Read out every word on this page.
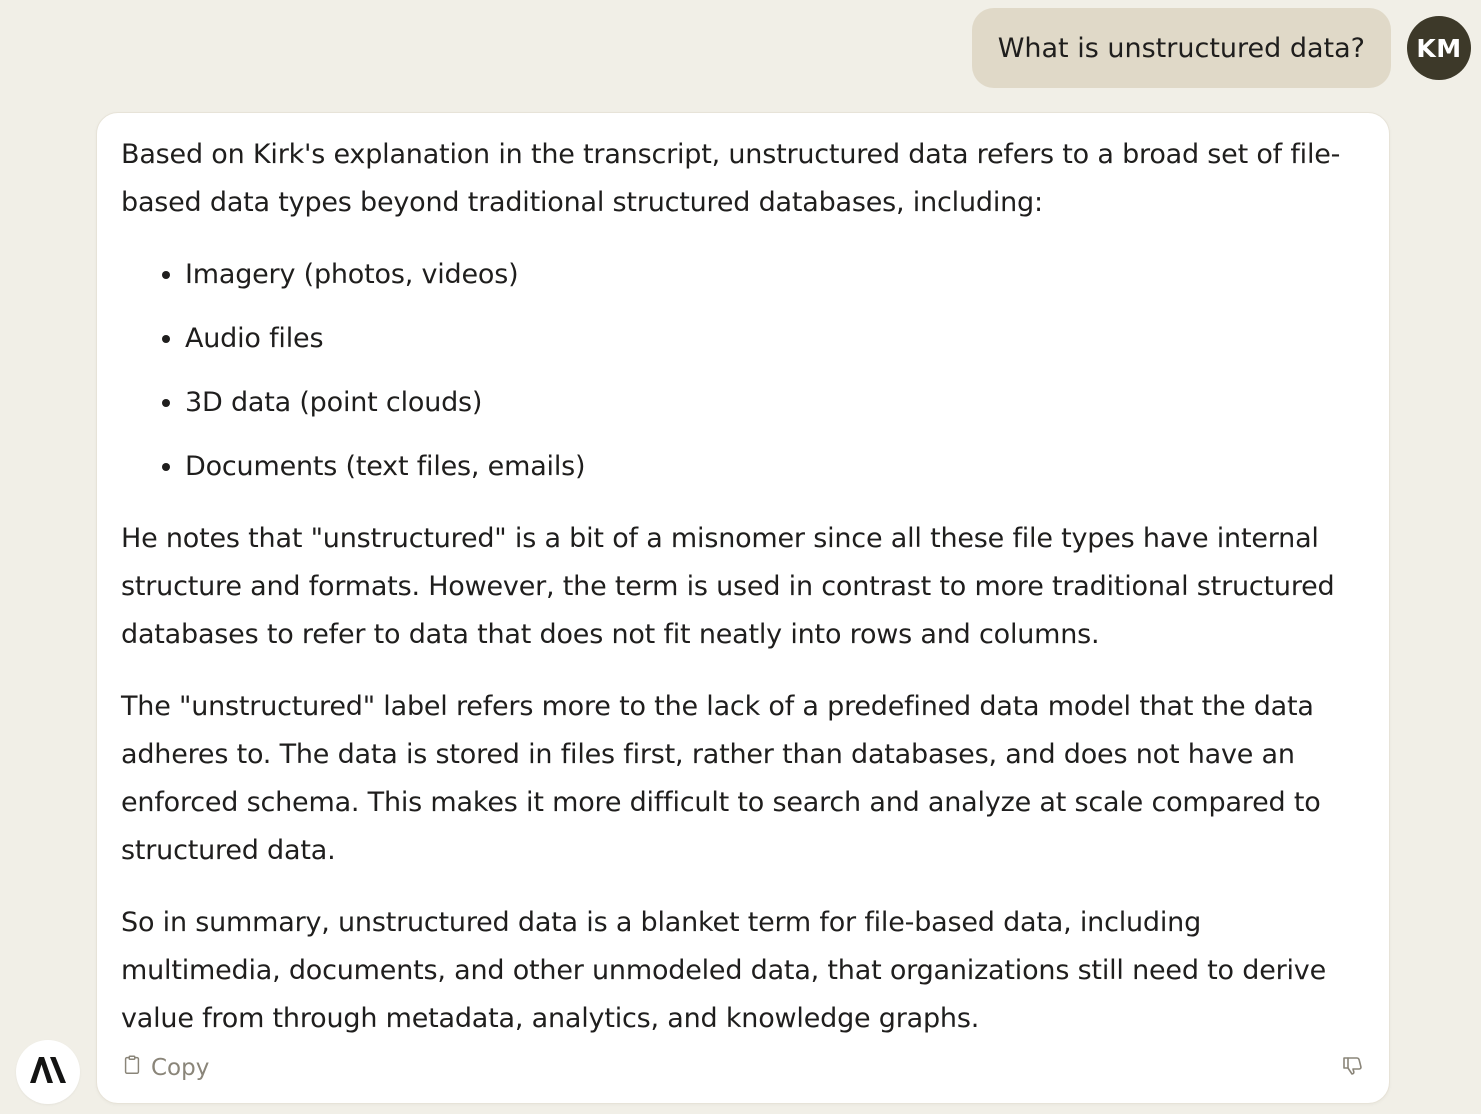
What is unstructured data? KM

Based on Kirk's explanation in the transcript, unstructured data refers to a broad set of file-based data types beyond traditional structured databases, including:

• Imagery (photos, videos)
• Audio files
• 3D data (point clouds)
• Documents (text files, emails)

He notes that "unstructured" is a bit of a misnomer since all these file types have internal structure and formats. However, the term is used in contrast to more traditional structured databases to refer to data that does not fit neatly into rows and columns.

The "unstructured" label refers more to the lack of a predefined data model that the data adheres to. The data is stored in files first, rather than databases, and does not have an enforced schema. This makes it more difficult to search and analyze at scale compared to structured data.

So in summary, unstructured data is a blanket term for file-based data, including multimedia, documents, and other unmodeled data, that organizations still need to derive value from through metadata, analytics, and knowledge graphs.

Copy
